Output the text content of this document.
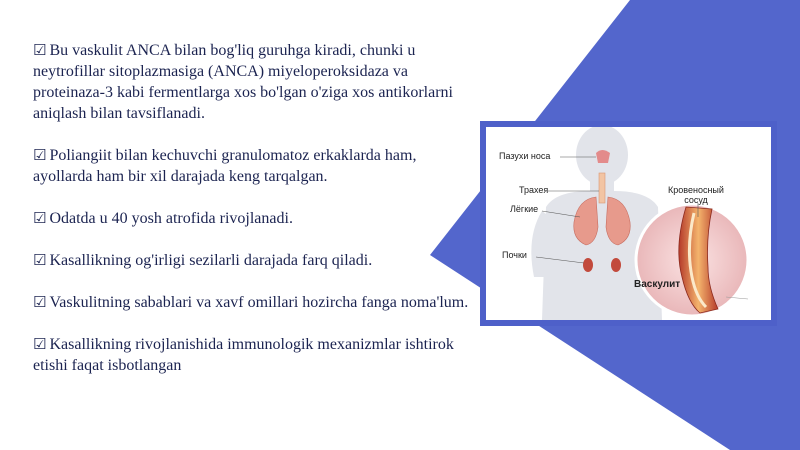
☑ Bu vaskulit ANCA bilan bog'liq guruhga kiradi, chunki u neytrofillar sitoplazmasiga (ANCA) miyeloperoksidaza va proteinaza-3 kabi fermentlarga xos bo'lgan o'ziga xos antikorlarni aniqlash bilan tavsiflanadi.
☑ Poliangiit bilan kechuvchi granulomatoz erkaklarda ham, ayollarda ham bir xil darajada keng tarqalgan.
☑ Odatda u 40 yosh atrofida rivojlanadi.
☑ Kasallikning og'irligi sezilarli darajada farq qiladi.
☑ Vaskulitning sabablari va xavf omillari hozircha fanga noma'lum.
☑ Kasallikning rivojlanishida immunologik mexanizmlar ishtirok etishi faqat isbotlangan
Пазухи носа
Трахея
Лёгкие
Почки
Кровеносный сосуд
Васкулит
